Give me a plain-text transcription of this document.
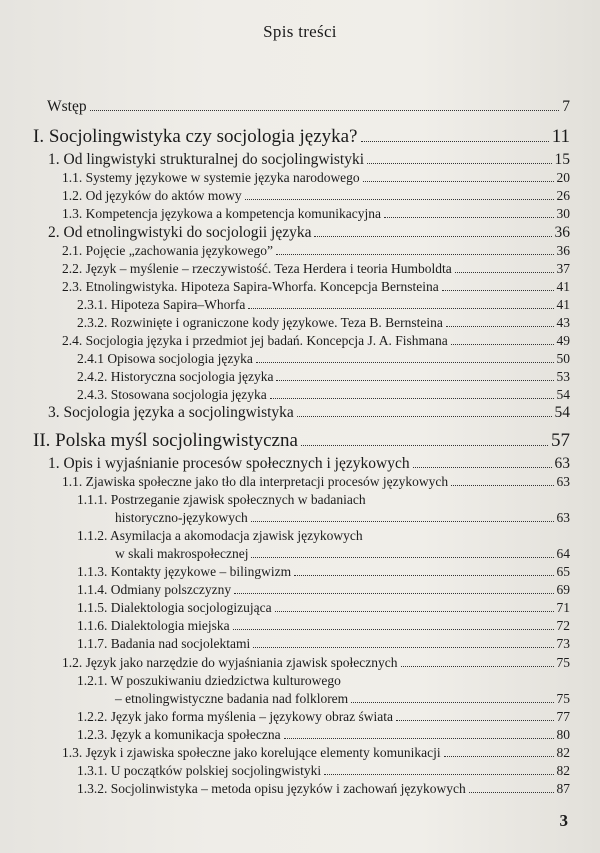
Spis treści
Wstęp	7
I. Socjolingwistyka czy socjologia języka?	11
1. Od lingwistyki strukturalnej do socjolingwistyki	15
1.1. Systemy językowe w systemie języka narodowego	20
1.2. Od języków do aktów mowy	26
1.3. Kompetencja językowa a kompetencja komunikacyjna	30
2. Od etnolingwistyki do socjologii języka	36
2.1. Pojęcie „zachowania językowego”	36
2.2. Język – myślenie – rzeczywistość. Teza Herdera i teoria Humboldta	37
2.3. Etnolingwistyka. Hipoteza Sapira-Whorfa. Koncepcja Bernsteina	41
2.3.1. Hipoteza Sapira–Whorfa	41
2.3.2. Rozwinięte i ograniczone kody językowe. Teza B. Bernsteina	43
2.4. Socjologia języka i przedmiot jej badań. Koncepcja J. A. Fishmana	49
2.4.1 Opisowa socjologia języka	50
2.4.2. Historyczna socjologia języka	53
2.4.3. Stosowana socjologia języka	54
3. Socjologia języka a socjolingwistyka	54
II. Polska myśl socjolingwistyczna	57
1. Opis i wyjaśnianie procesów społecznych i językowych	63
1.1. Zjawiska społeczne jako tło dla interpretacji procesów językowych	63
1.1.1. Postrzeganie zjawisk społecznych w badaniach
historyczno-językowych	63
1.1.2. Asymilacja a akomodacja zjawisk językowych
w skali makrospołecznej	64
1.1.3. Kontakty językowe – bilingwizm	65
1.1.4. Odmiany polszczyzny	69
1.1.5. Dialektologia socjologizująca	71
1.1.6. Dialektologia miejska	72
1.1.7. Badania nad socjolektami	73
1.2. Język jako narzędzie do wyjaśniania zjawisk społecznych	75
1.2.1. W poszukiwaniu dziedzictwa kulturowego
– etnolingwistyczne badania nad folklorem	75
1.2.2. Język jako forma myślenia – językowy obraz świata	77
1.2.3. Język a komunikacja społeczna	80
1.3. Język i zjawiska społeczne jako korelujące elementy komunikacji	82
1.3.1. U początków polskiej socjolingwistyki	82
1.3.2. Socjolinwistyka – metoda opisu języków i zachowań językowych	87
3
